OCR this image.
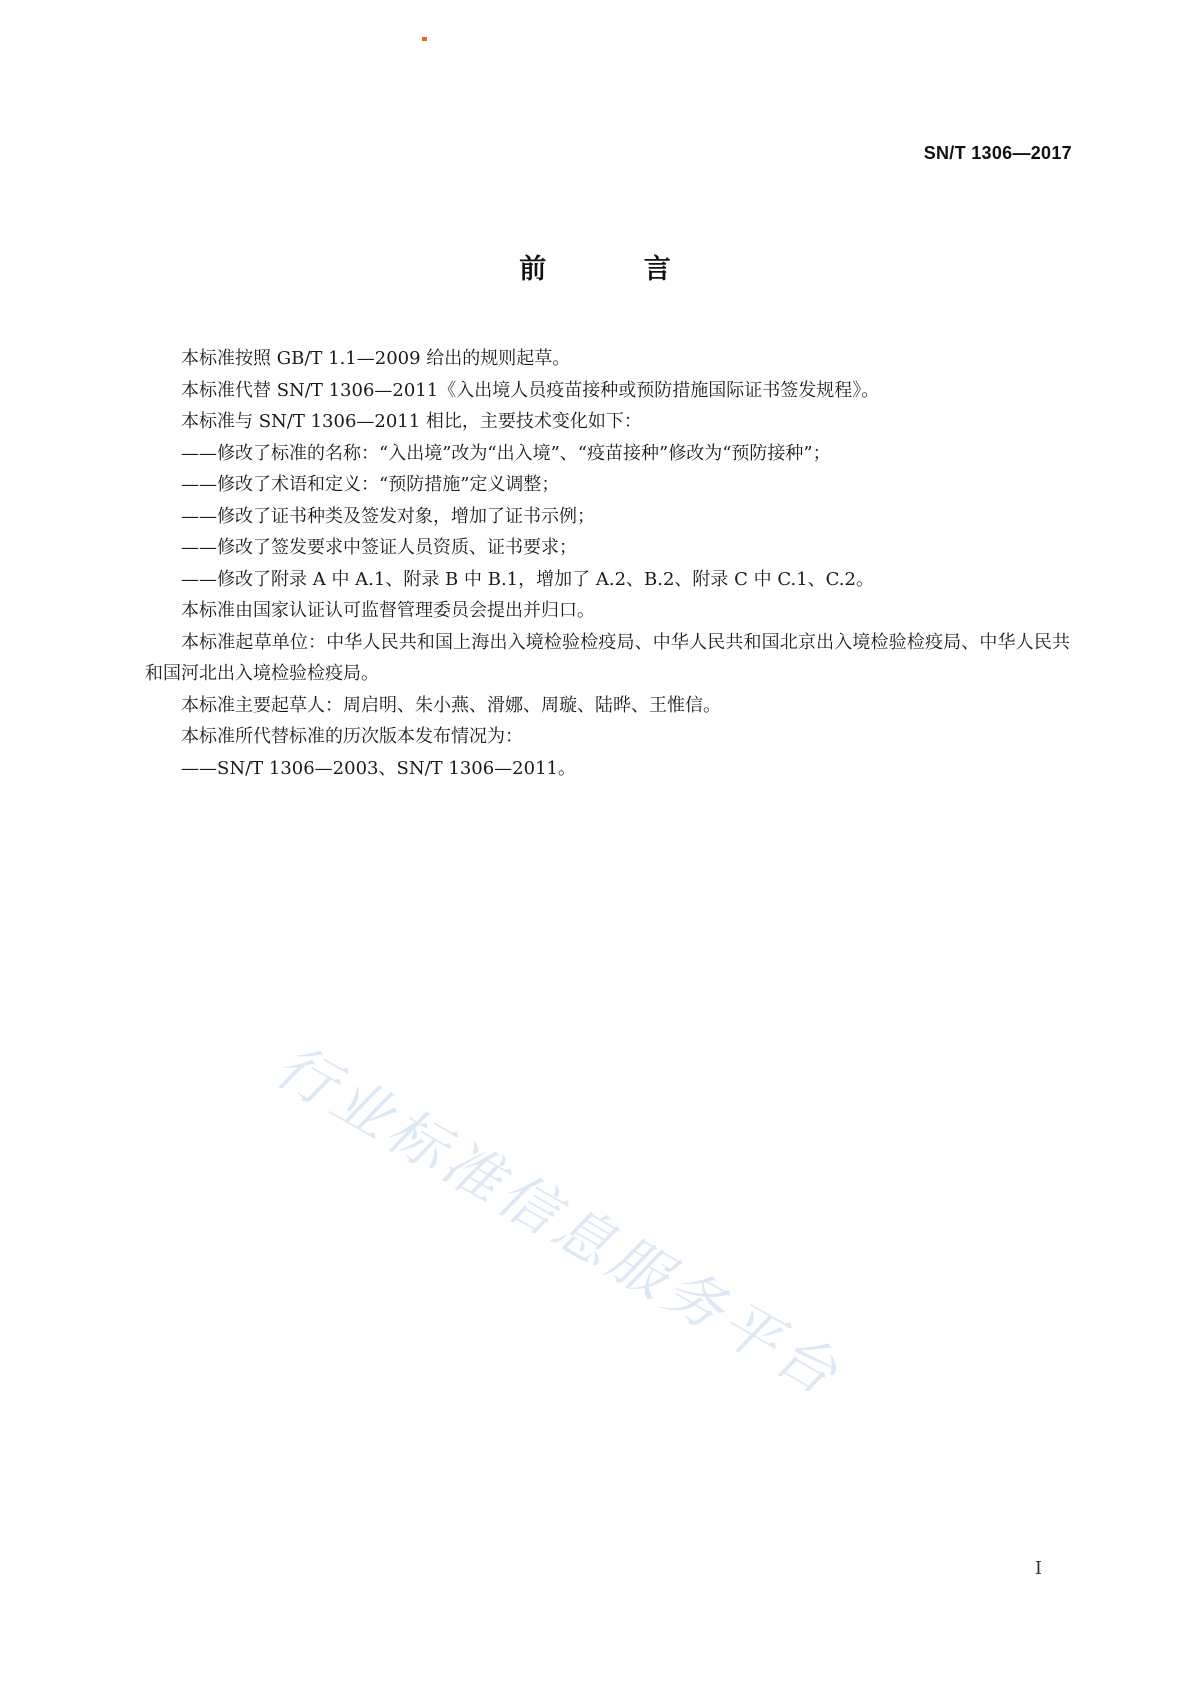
SN/T 1306—2017
前 言

本标准按照 GB/T 1.1—2009 给出的规则起草。

本标准代替 SN/T 1306—2011《入出境人员疫苗接种或预防措施国际证书签发规程》。

本标准与 SN/T 1306—2011 相比，主要技术变化如下：

——修改了标准的名称：“入出境”改为“出入境”、“疫苗接种”修改为“预防接种”；

——修改了术语和定义：“预防措施”定义调整；

——修改了证书种类及签发对象，增加了证书示例；

——修改了签发要求中签证人员资质、证书要求；

——修改了附录 A 中 A.1、附录 B 中 B.1，增加了 A.2、B.2、附录 C 中 C.1、C.2。

本标准由国家认证认可监督管理委员会提出并归口。

本标准起草单位：中华人民共和国上海出入境检验检疫局、中华人民共和国北京出入境检验检疫局、中华人民共和国河北出入境检验检疫局。

本标准主要起草人：周启明、朱小燕、滑娜、周璇、陆晔、王惟信。

本标准所代替标准的历次版本发布情况为：

——SN/T 1306—2003、SN/T 1306—2011。

行业标准信息服务平台
I
